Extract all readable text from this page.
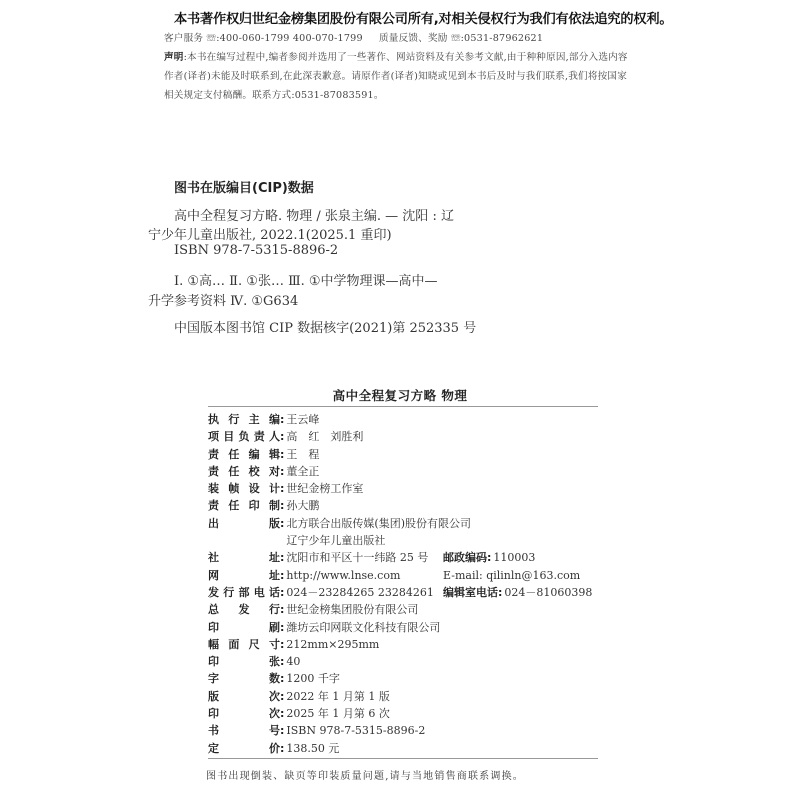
本书著作权归世纪金榜集团股份有限公司所有,对相关侵权行为我们有依法追究的权利。
客户服务 ☏:400-060-1799 400-070-1799 质量反馈、奖励 ☏:0531-87962621
声明:本书在编写过程中,编者参阅并选用了一些著作、网站资料及有关参考文献,由于种种原因,部分入选内容
作者(译者)未能及时联系到,在此深表歉意。请原作者(译者)知晓或见到本书后及时与我们联系,我们将按国家
相关规定支付稿酬。联系方式:0531-87083591。
图书在版编目(CIP)数据
高中全程复习方略. 物理 / 张泉主编. — 沈阳 : 辽
宁少年儿童出版社, 2022.1(2025.1 重印)
ISBN 978-7-5315-8896-2
Ⅰ. ①高… Ⅱ. ①张… Ⅲ. ①中学物理课—高中—
升学参考资料 Ⅳ. ①G634
中国版本图书馆 CIP 数据核字(2021)第 252335 号
高中全程复习方略 物理
执行主编: 王云峰
项目负责人: 高　红　刘胜利
责任编辑: 王　程
责任校对: 董全正
装帧设计: 世纪金榜工作室
责任印制: 孙大鹏
出版: 北方联合出版传媒(集团)股份有限公司
辽宁少年儿童出版社
社址: 沈阳市和平区十一纬路 25 号 邮政编码: 110003
网址: http://www.lnse.com	E-mail: qilinln@163.com
发行部电话: 024－23284265 23284261 编辑室电话: 024－81060398
总发行: 世纪金榜集团股份有限公司
印刷: 潍坊云印网联文化科技有限公司
幅面尺寸: 212mm×295mm
印张: 40
字数: 1200 千字
版次: 2022 年 1 月第 1 版
印次: 2025 年 1 月第 6 次
书号: ISBN 978-7-5315-8896-2
定价: 138.50 元
图书出现倒装、缺页等印装质量问题,请与当地销售商联系调换。
